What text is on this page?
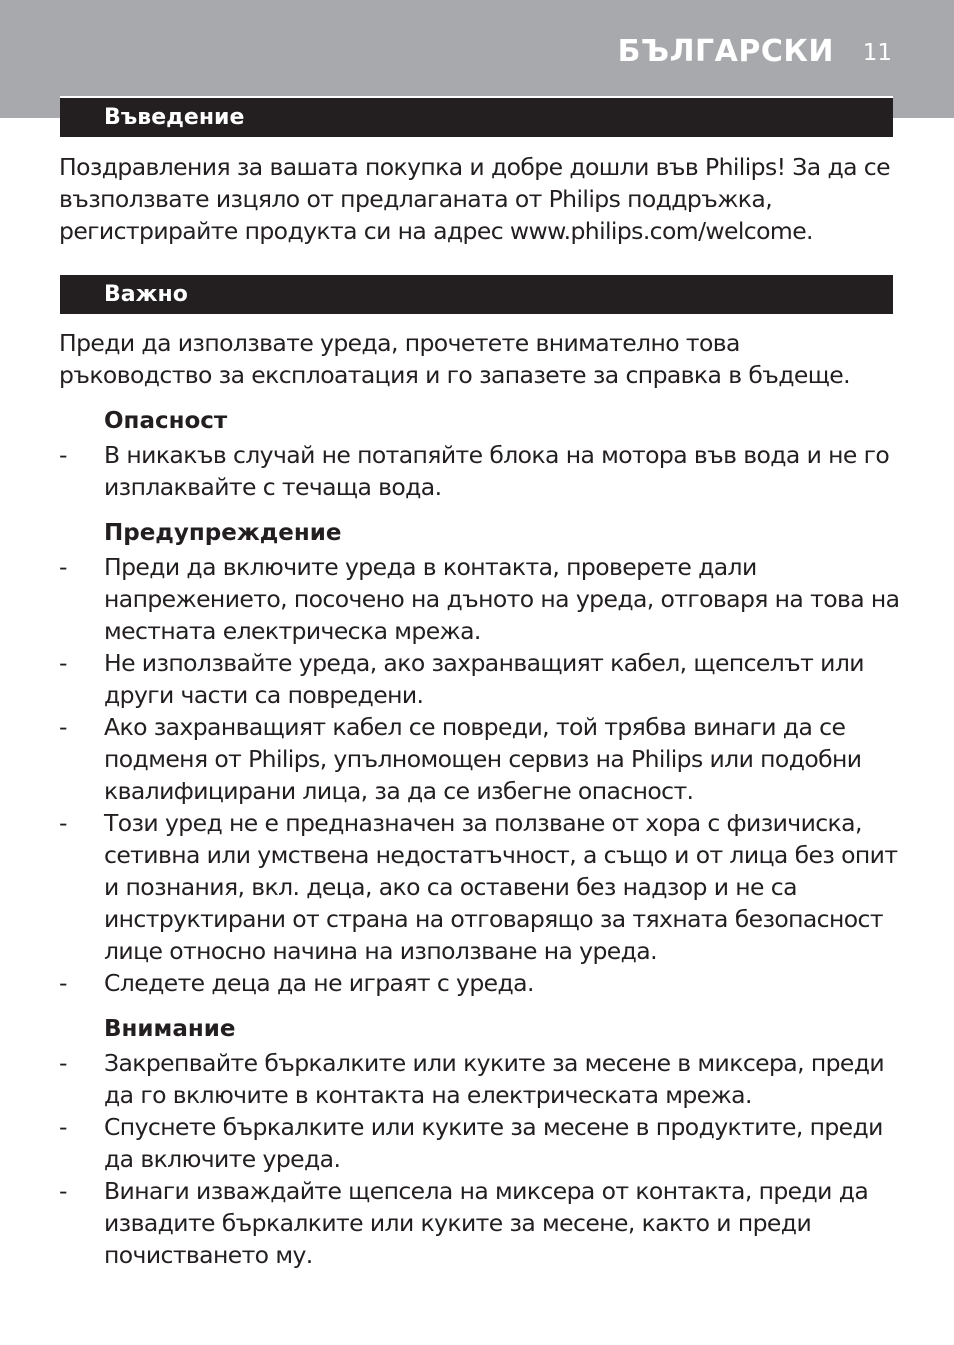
БЪЛГАРСКИ 11
Въведение

Поздравления за вашата покупка и добре дошли във Philips! За да се възползвате изцяло от предлаганата от Philips поддръжка, регистрирайте продукта си на адрес www.philips.com/welcome.

Важно

Преди да използвате уреда, прочетете внимателно това ръководство за експлоатация и го запазете за справка в бъдеще.

Опасност
- В никакъв случай не потапяйте блока на мотора във вода и не го изплаквайте с течаща вода.
Предупреждение
- Преди да включите уреда в контакта, проверете дали напрежението, посочено на дъното на уреда, отговаря на това на местната електрическа мрежа.
- Не използвайте уреда, ако захранващият кабел, щепселът или други части са повредени.
- Ако захранващият кабел се повреди, той трябва винаги да се подменя от Philips, упълномощен сервиз на Philips или подобни квалифицирани лица, за да се избегне опасност.
- Този уред не е предназначен за ползване от хора с физичиска, сетивна или умствена недостатъчност, а също и от лица без опит и познания, вкл. деца, ако са оставени без надзор и не са инструктирани от страна на отговарящо за тяхната безопасност лице относно начина на използване на уреда.
- Следете деца да не играят с уреда.
Внимание
- Закрепвайте бъркалките или куките за месене в миксера, преди да го включите в контакта на електрическата мрежа.
- Спуснете бъркалките или куките за месене в продуктите, преди да включите уреда.
- Винаги изваждайте щепсела на миксера от контакта, преди да извадите бъркалките или куките за месене, както и преди почистването му.
